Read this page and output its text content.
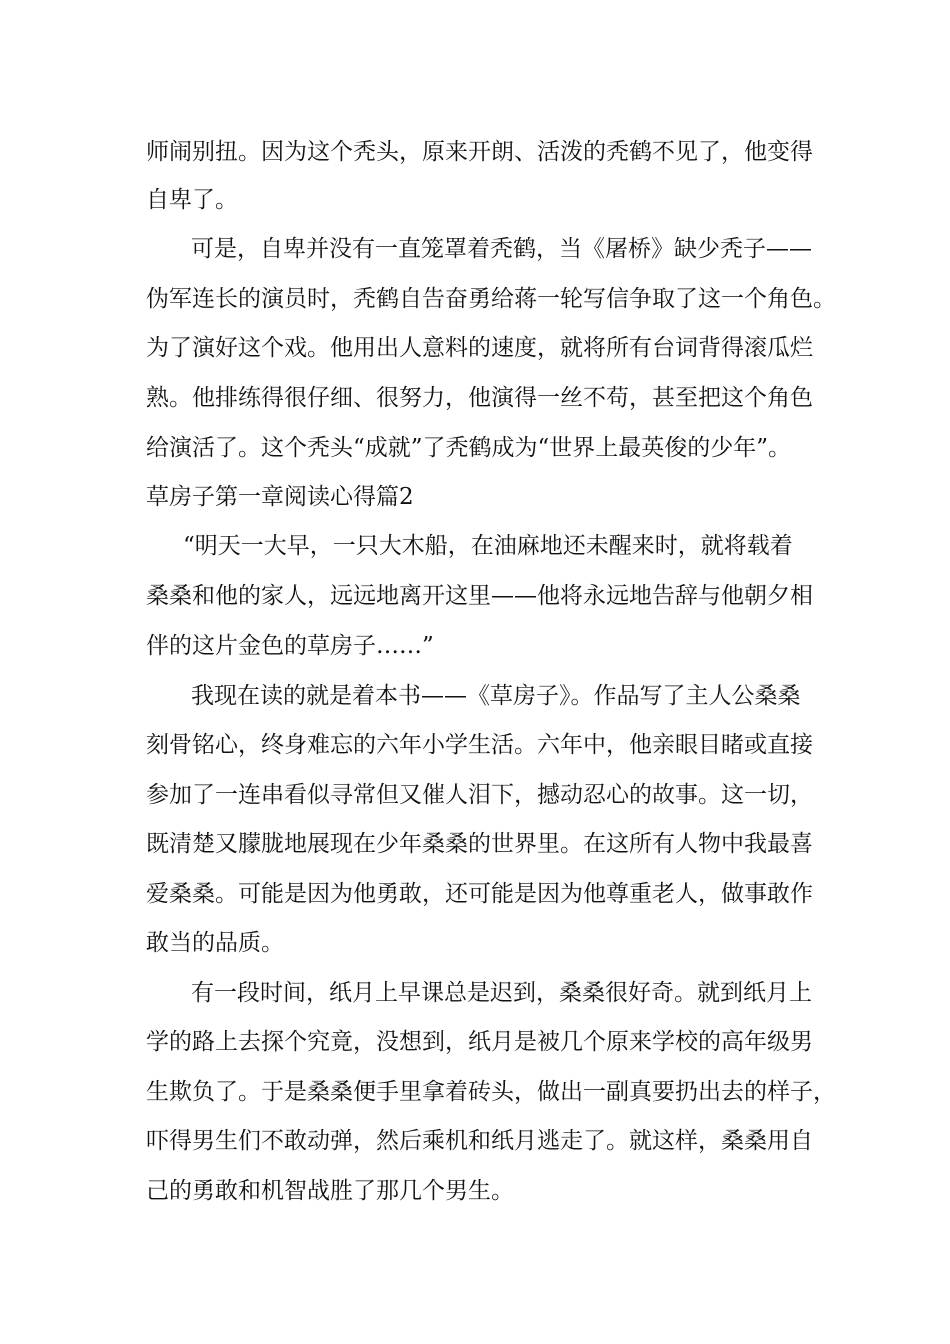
师闹别扭。因为这个秃头，原来开朗、活泼的秃鹤不见了，他变得
自卑了。
可是，自卑并没有一直笼罩着秃鹤，当《屠桥》缺少秃子——
伪军连长的演员时，秃鹤自告奋勇给蒋一轮写信争取了这一个角色。
为了演好这个戏。他用出人意料的速度，就将所有台词背得滚瓜烂
熟。他排练得很仔细、很努力，他演得一丝不苟，甚至把这个角色
给演活了。这个秃头“成就”了秃鹤成为“世界上最英俊的少年”。
草房子第一章阅读心得篇2
“明天一大早，一只大木船，在油麻地还未醒来时，就将载着
桑桑和他的家人，远远地离开这里——他将永远地告辞与他朝夕相
伴的这片金色的草房子……”
我现在读的就是着本书——《草房子》。作品写了主人公桑桑
刻骨铭心，终身难忘的六年小学生活。六年中，他亲眼目睹或直接
参加了一连串看似寻常但又催人泪下，撼动忍心的故事。这一切，
既清楚又朦胧地展现在少年桑桑的世界里。在这所有人物中我最喜
爱桑桑。可能是因为他勇敢，还可能是因为他尊重老人，做事敢作
敢当的品质。
有一段时间，纸月上早课总是迟到，桑桑很好奇。就到纸月上
学的路上去探个究竟，没想到，纸月是被几个原来学校的高年级男
生欺负了。于是桑桑便手里拿着砖头，做出一副真要扔出去的样子，
吓得男生们不敢动弹，然后乘机和纸月逃走了。就这样，桑桑用自
己的勇敢和机智战胜了那几个男生。
